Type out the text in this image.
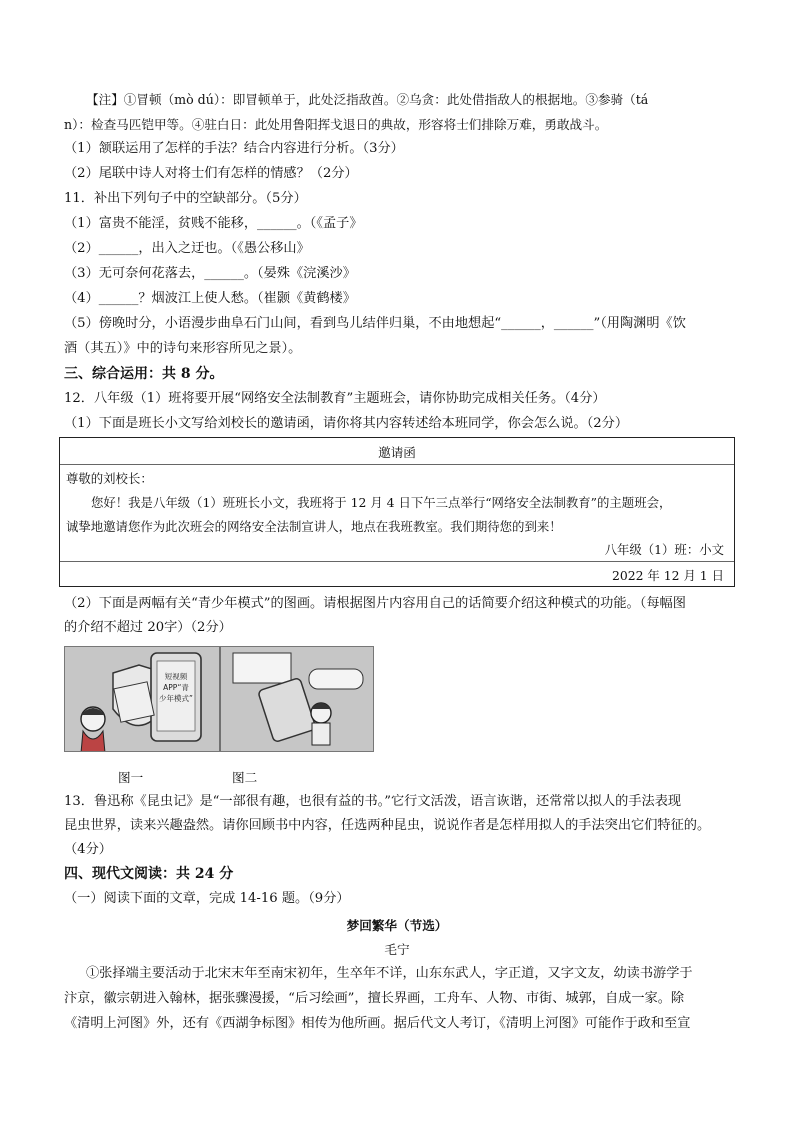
【注】①冒顿（mò dú）：即冒顿单于，此处泛指敌酋。②乌贪：此处借指敌人的根据地。③参骑（tá
n）：检查马匹铠甲等。④驻白日：此处用鲁阳挥戈退日的典故，形容将士们排除万难，勇敢战斗。
（1）颔联运用了怎样的手法？结合内容进行分析。（3分）
（2）尾联中诗人对将士们有怎样的情感？（2分）
11．补出下列句子中的空缺部分。（5分）
（1）富贵不能淫，贫贱不能移，______。（《孟子》
（2）______，出入之迂也。（《愚公移山》
（3）无可奈何花落去，______。（晏殊《浣溪沙》
（4）______？烟波江上使人愁。（崔颢《黄鹤楼》
（5）傍晚时分，小语漫步曲阜石门山间，看到鸟儿结伴归巢，不由地想起“______，______”（用陶渊明《饮
酒（其五）》中的诗句来形容所见之景）。
三、综合运用：共 8 分。
12．八年级（1）班将要开展“网络安全法制教育”主题班会，请你协助完成相关任务。（4分）
（1）下面是班长小文写给刘校长的邀请函，请你将其内容转述给本班同学，你会怎么说。（2分）
邀请函
尊敬的刘校长：
您好！我是八年级（1）班班长小文，我班将于 12 月 4 日下午三点举行“网络安全法制教育”的主题班会，
诚挚地邀请您作为此次班会的网络安全法制宣讲人，地点在我班教室。我们期待您的到来！
八年级（1）班：小文
2022 年 12 月 1 日
（2）下面是两幅有关“青少年模式”的图画。请根据图片内容用自己的话简要介绍这种模式的功能。（每幅图
的介绍不超过 20字）（2分）
短视频
APP“青
少年模式”
图一	图二
13．鲁迅称《昆虫记》是“一部很有趣，也很有益的书。”它行文活泼，语言诙谐，还常常以拟人的手法表现
昆虫世界，读来兴趣盎然。请你回顾书中内容，任选两种昆虫，说说作者是怎样用拟人的手法突出它们特征的。
（4分）
四、现代文阅读：共 24 分
（一）阅读下面的文章，完成 14-16 题。（9分）
梦回繁华（节选）
毛宁
①张择端主要活动于北宋末年至南宋初年，生卒年不详，山东东武人，字正道，又字文友，幼读书游学于
汴京，徽宗朝进入翰林，据张骤漫援，“后习绘画”，擅长界画，工舟车、人物、市街、城郭，自成一家。除
《清明上河图》外，还有《西湖争标图》相传为他所画。据后代文人考订，《清明上河图》可能作于政和至宣
